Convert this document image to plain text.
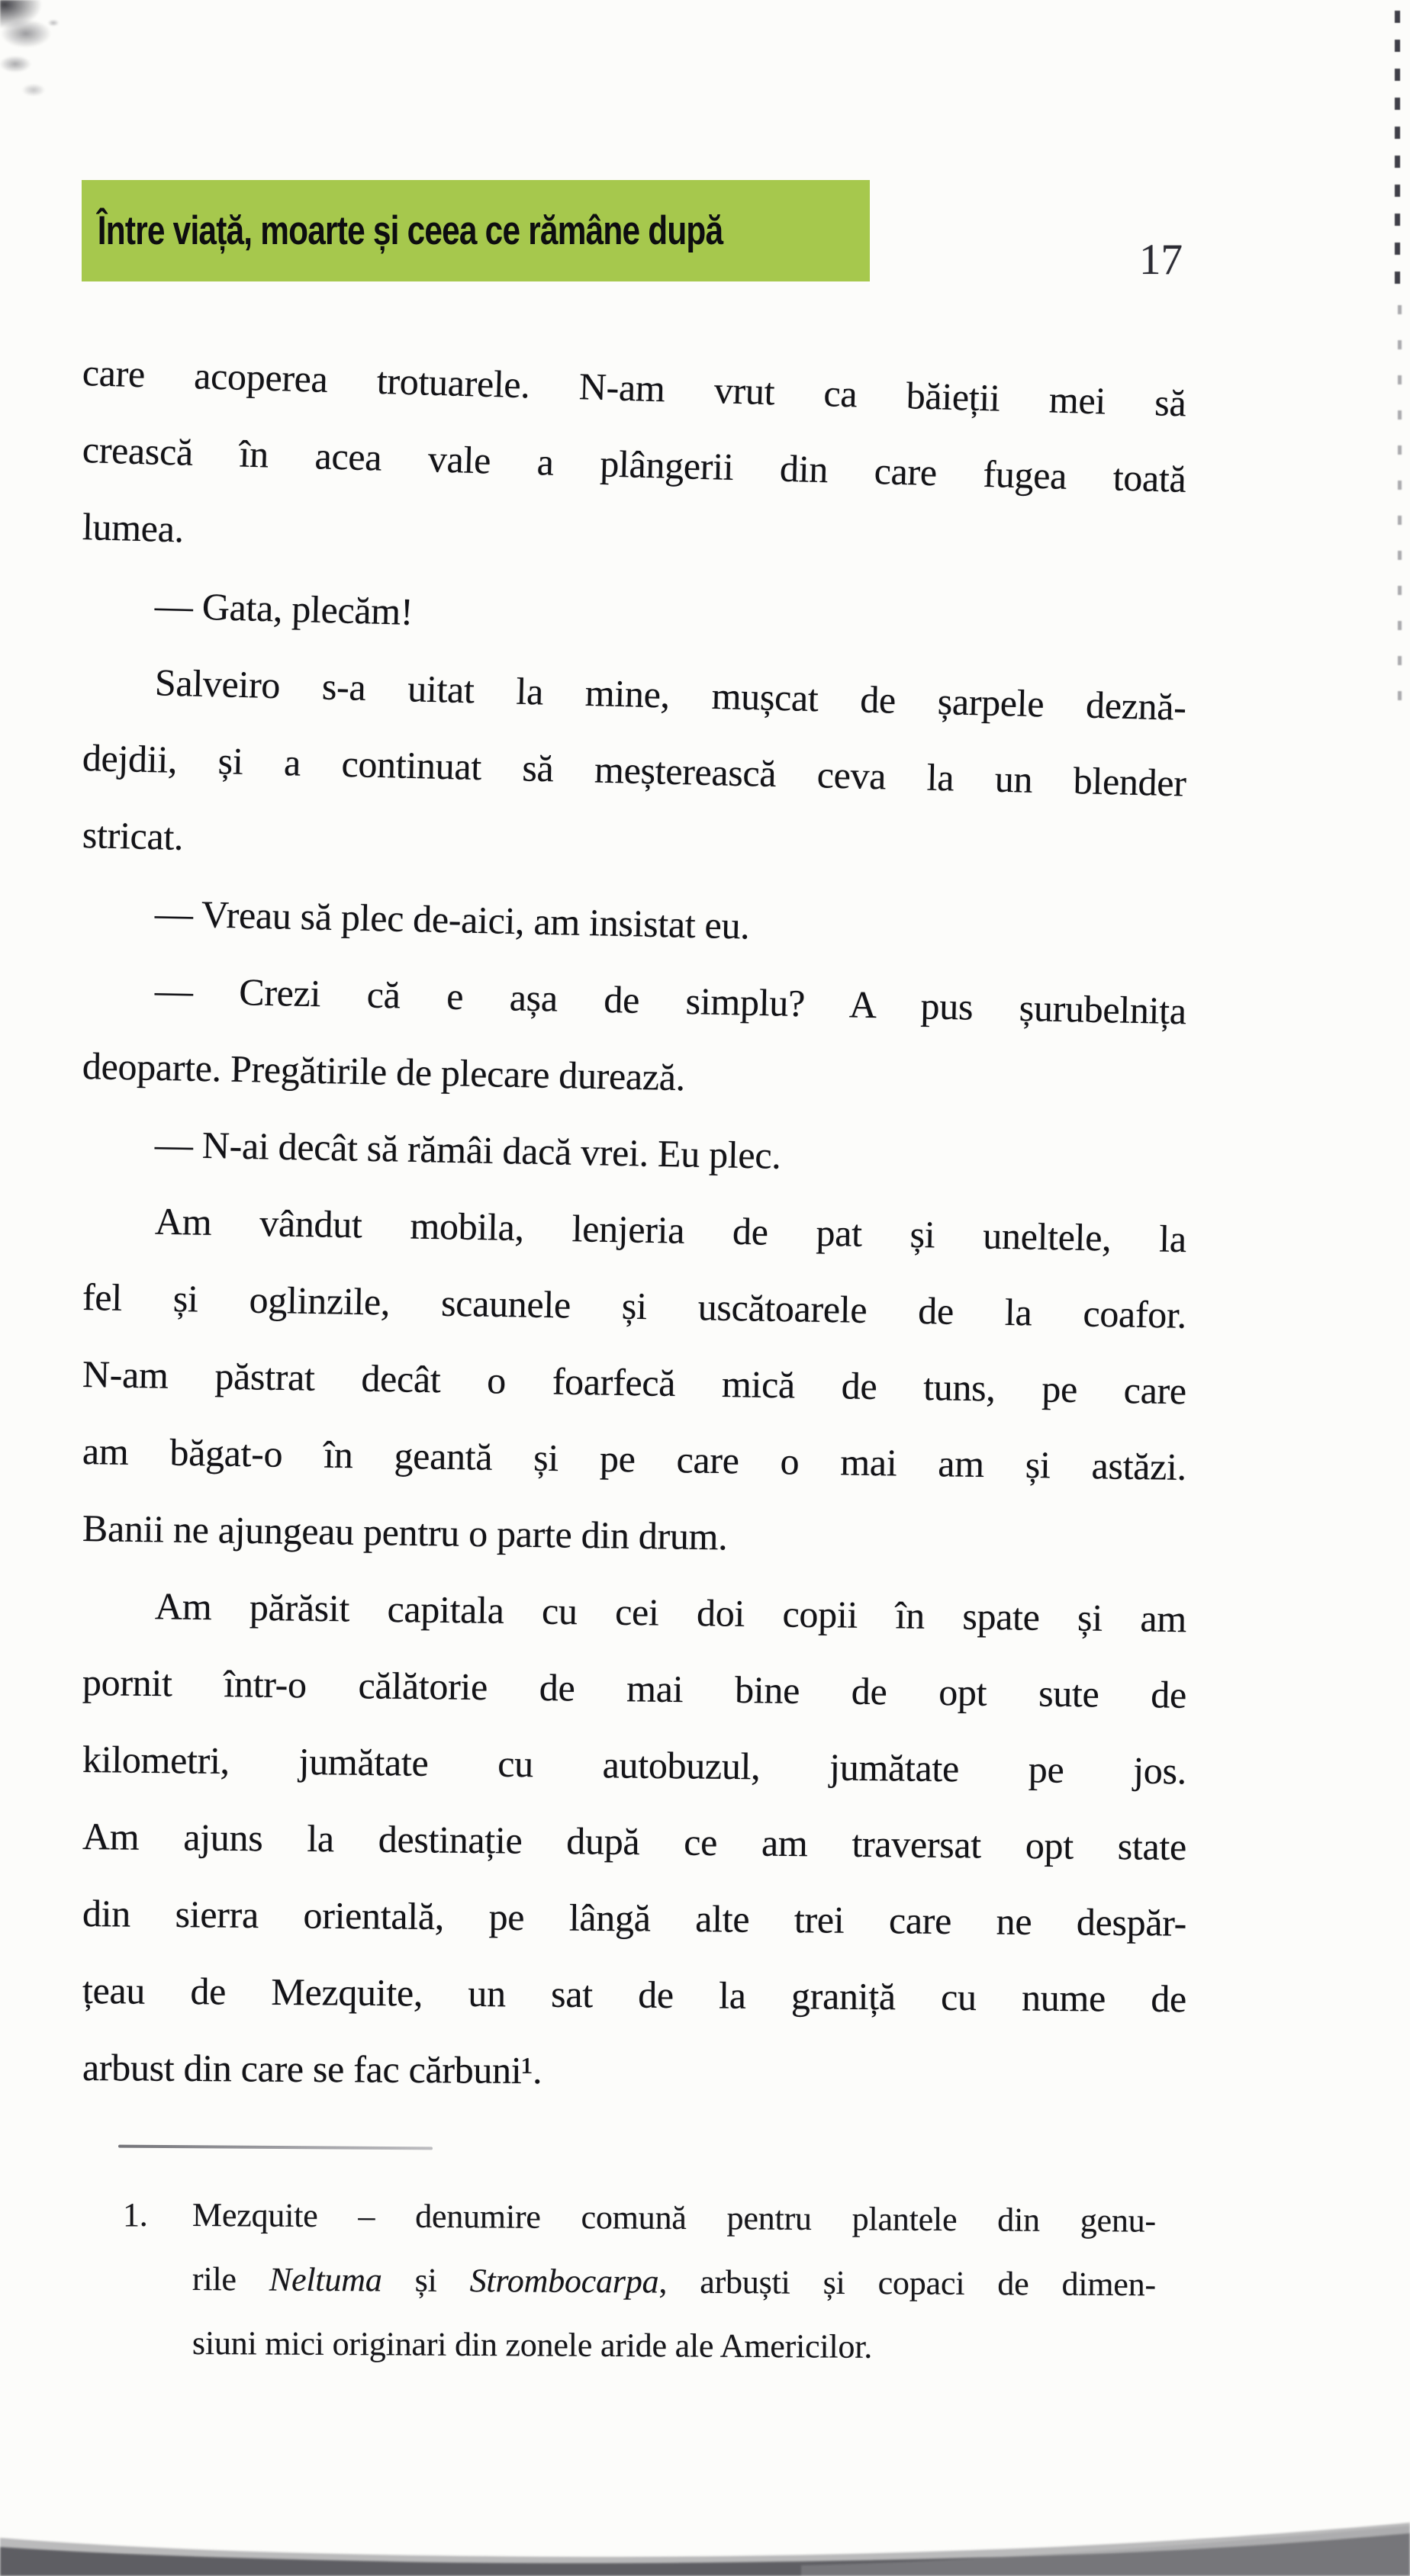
Între viață, moarte și ceea ce rămâne după
17
care acoperea trotuarele. N-am vrut ca băieții mei să
crească în acea vale a plângerii din care fugea toată
lumea.
— Gata, plecăm!
Salveiro s-a uitat la mine, mușcat de șarpele deznă-
dejdii, și a continuat să meșterească ceva la un blender
stricat.
— Vreau să plec de-aici, am insistat eu.
— Crezi că e așa de simplu? A pus șurubelnița
deoparte. Pregătirile de plecare durează.
— N-ai decât să rămâi dacă vrei. Eu plec.
Am vândut mobila, lenjeria de pat și uneltele, la
fel și oglinzile, scaunele și uscătoarele de la coafor.
N-am păstrat decât o foarfecă mică de tuns, pe care
am băgat-o în geantă și pe care o mai am și astăzi.
Banii ne ajungeau pentru o parte din drum.
Am părăsit capitala cu cei doi copii în spate și am
pornit într-o călătorie de mai bine de opt sute de
kilometri, jumătate cu autobuzul, jumătate pe jos.
Am ajuns la destinație după ce am traversat opt state
din sierra orientală, pe lângă alte trei care ne despăr-
țeau de Mezquite, un sat de la graniță cu nume de
arbust din care se fac cărbuni¹.
1. Mezquite – denumire comună pentru plantele din genu-
rile Neltuma și Strombocarpa, arbuști și copaci de dimen-
siuni mici originari din zonele aride ale Americilor.
